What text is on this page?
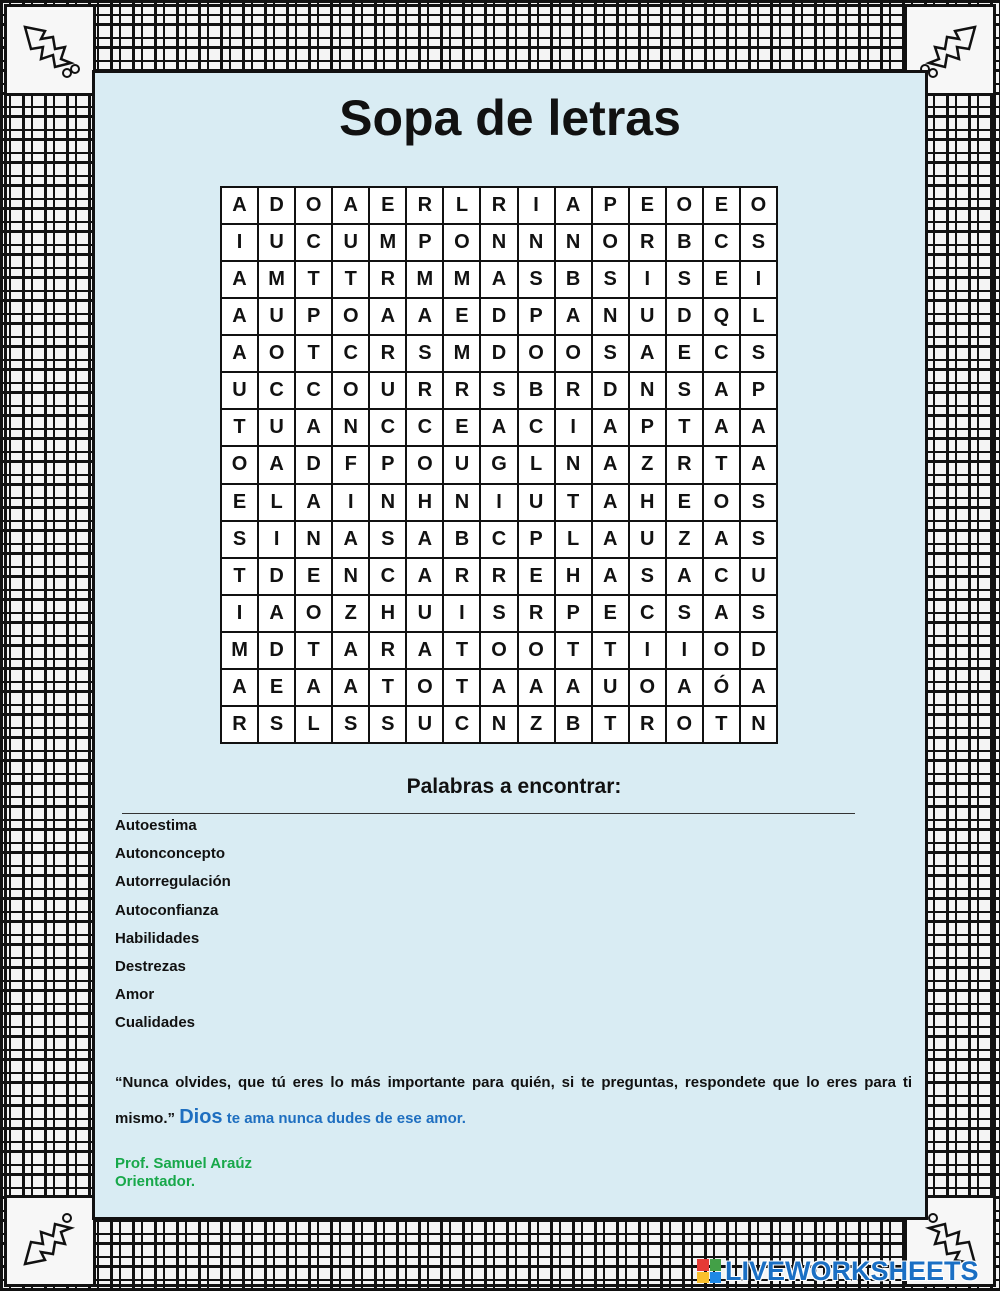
Sopa de letras
A	D	O	A	E	R	L	R	I	A	P	E	O	E	O
I	U	C	U	M	P	O	N	N	N	O	R	B	C	S
A	M	T	T	R	M	M	A	S	B	S	I	S	E	I
A	U	P	O	A	A	E	D	P	A	N	U	D	Q	L
A	O	T	C	R	S	M	D	O	O	S	A	E	C	S
U	C	C	O	U	R	R	S	B	R	D	N	S	A	P
T	U	A	N	C	C	E	A	C	I	A	P	T	A	A
O	A	D	F	P	O	U	G	L	N	A	Z	R	T	A
E	L	A	I	N	H	N	I	U	T	A	H	E	O	S
S	I	N	A	S	A	B	C	P	L	A	U	Z	A	S
T	D	E	N	C	A	R	R	E	H	A	S	A	C	U
I	A	O	Z	H	U	I	S	R	P	E	C	S	A	S
M	D	T	A	R	A	T	O	O	T	T	I	I	O	D
A	E	A	A	T	O	T	A	A	A	U	O	A	Ó	A
R	S	L	S	S	U	C	N	Z	B	T	R	O	T	N
Palabras a encontrar:
Autoestima
Autonconcepto
Autorregulación
Autoconfianza
Habilidades
Destrezas
Amor
Cualidades
“Nunca olvides, que tú eres lo más importante para quién, si te preguntas, respondete que lo eres para ti mismo.” Dios te ama nunca dudes de ese amor.
Prof. Samuel Araúz
Orientador.
LIVEWORKSHEETS
